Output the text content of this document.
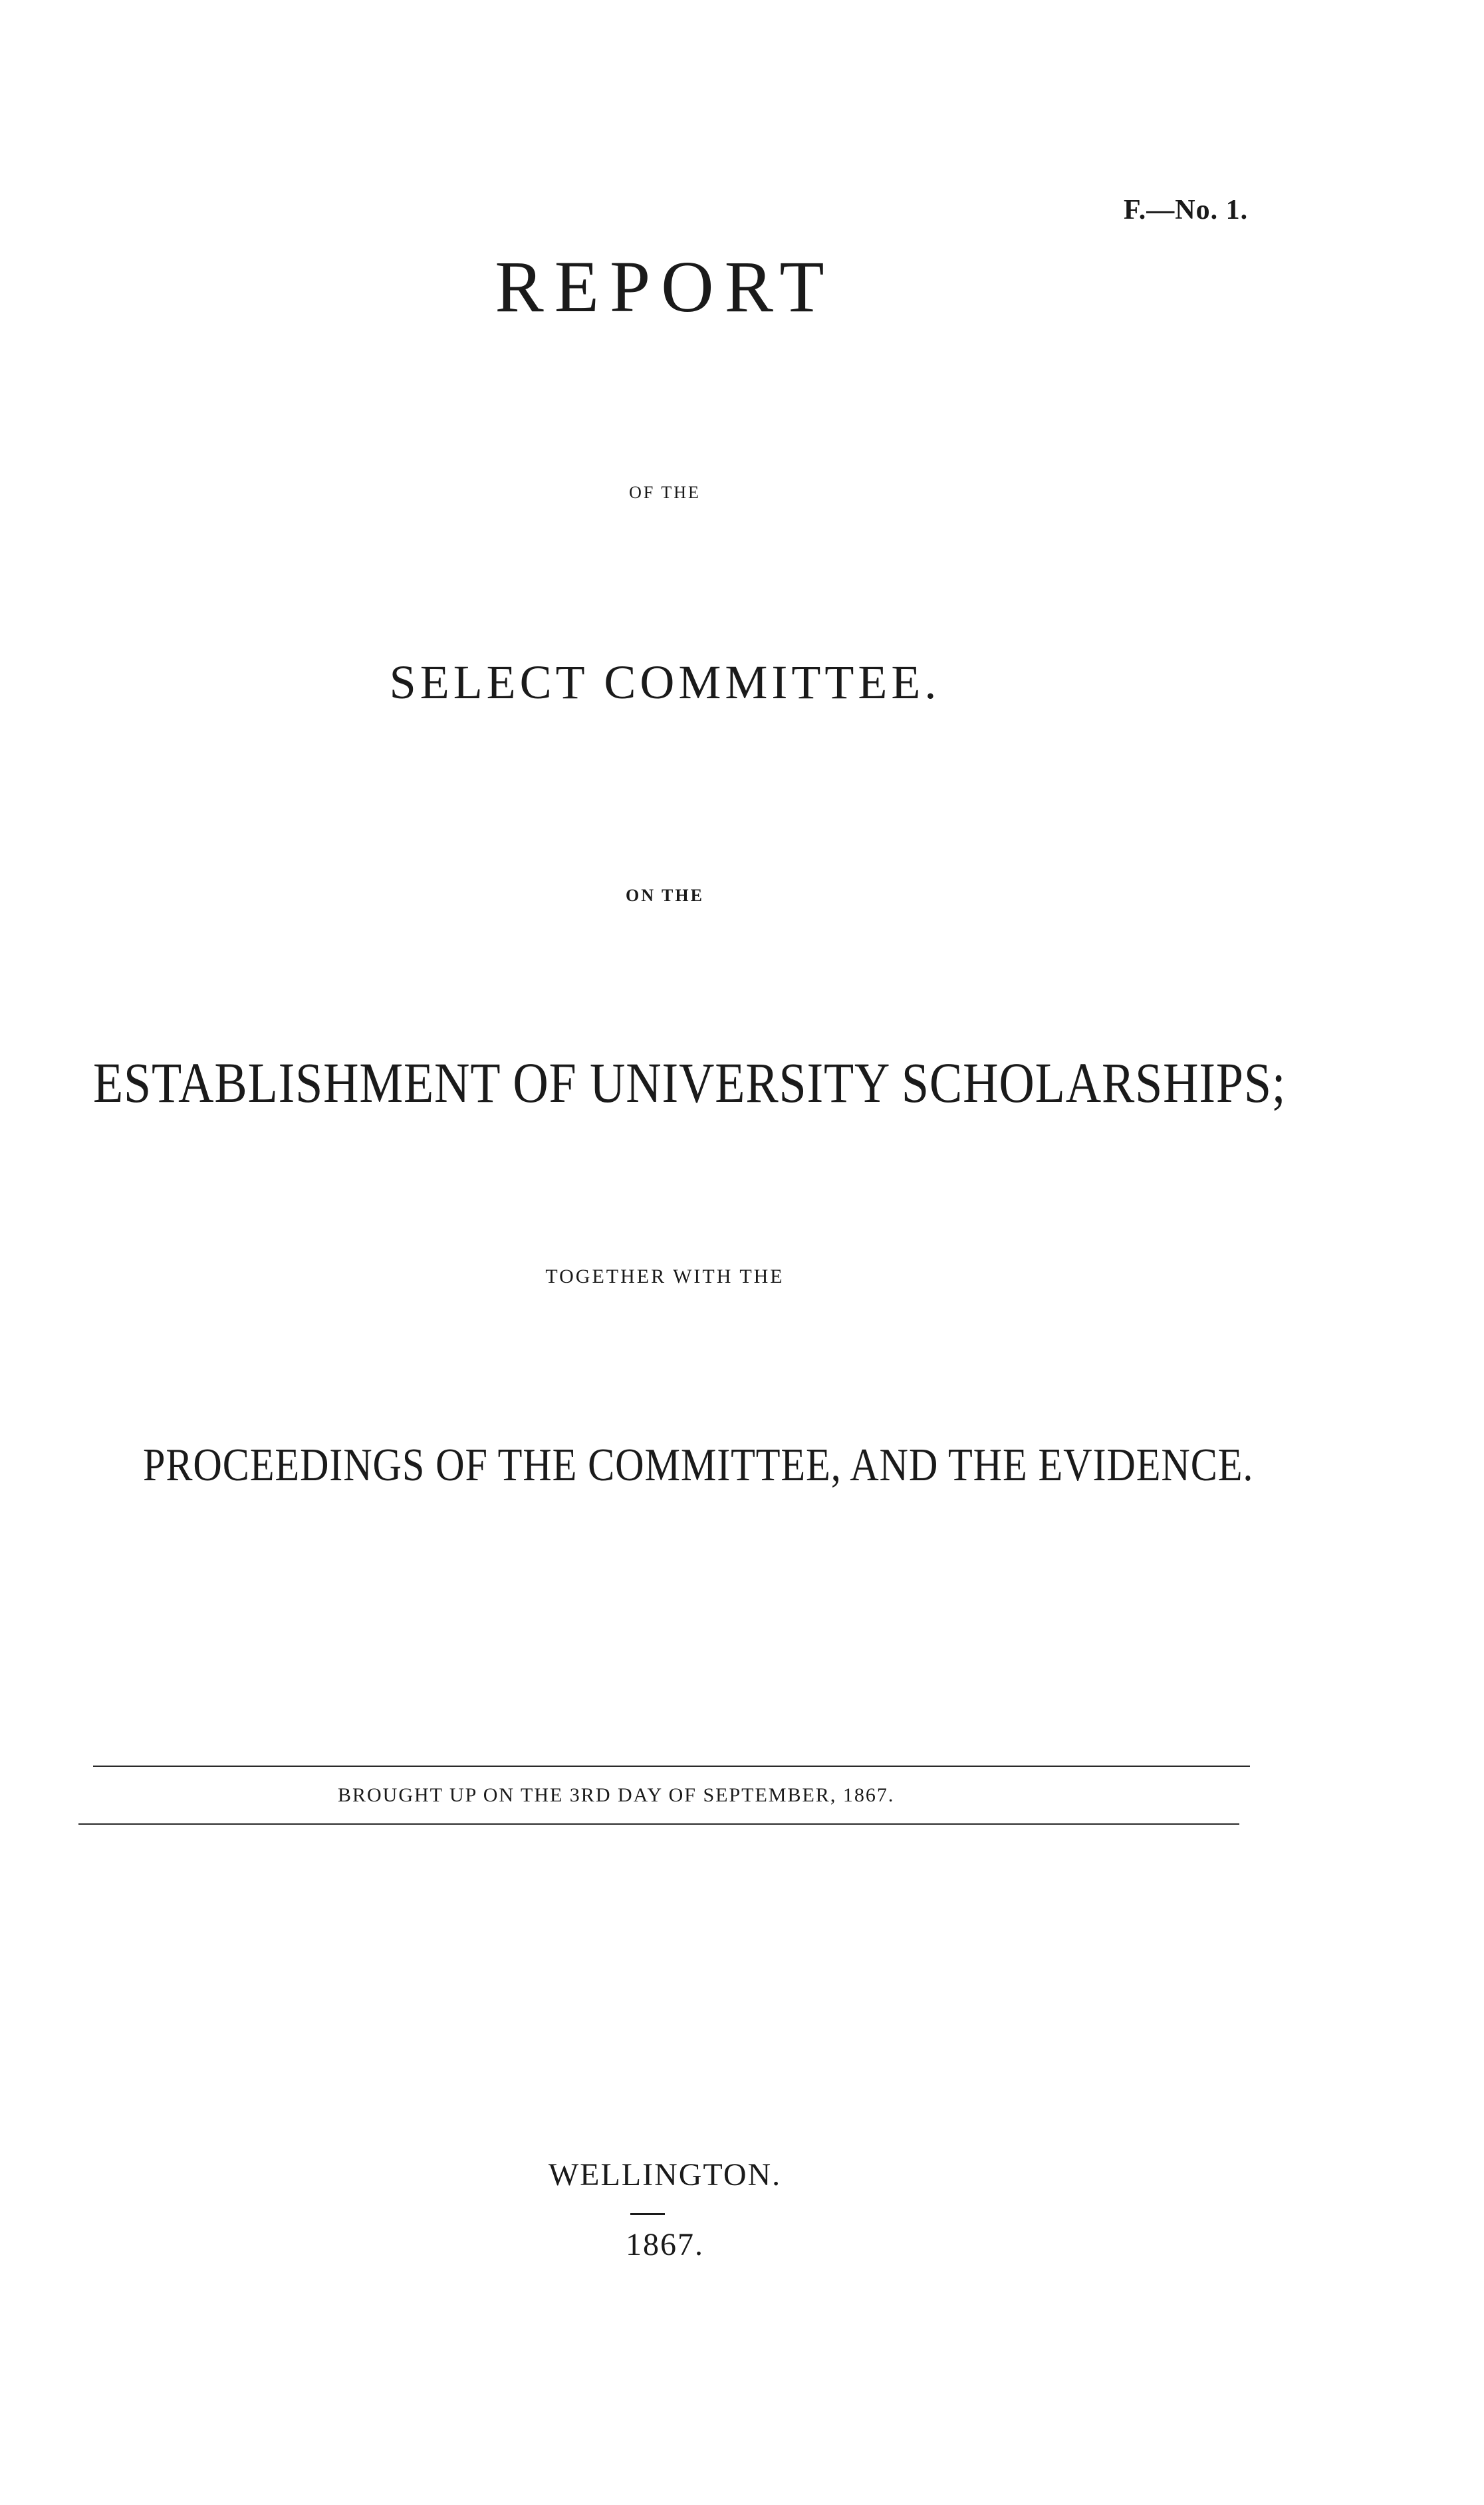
F.—No. 1.
REPORT
OF THE
SELECT COMMITTEE.
ON THE
ESTABLISHMENT OF UNIVERSITY SCHOLARSHIPS;
TOGETHER WITH THE
PROCEEDINGS OF THE COMMITTEE, AND THE EVIDENCE.
BROUGHT UP ON THE 3RD DAY OF SEPTEMBER, 1867.
WELLINGTON.
1867.
